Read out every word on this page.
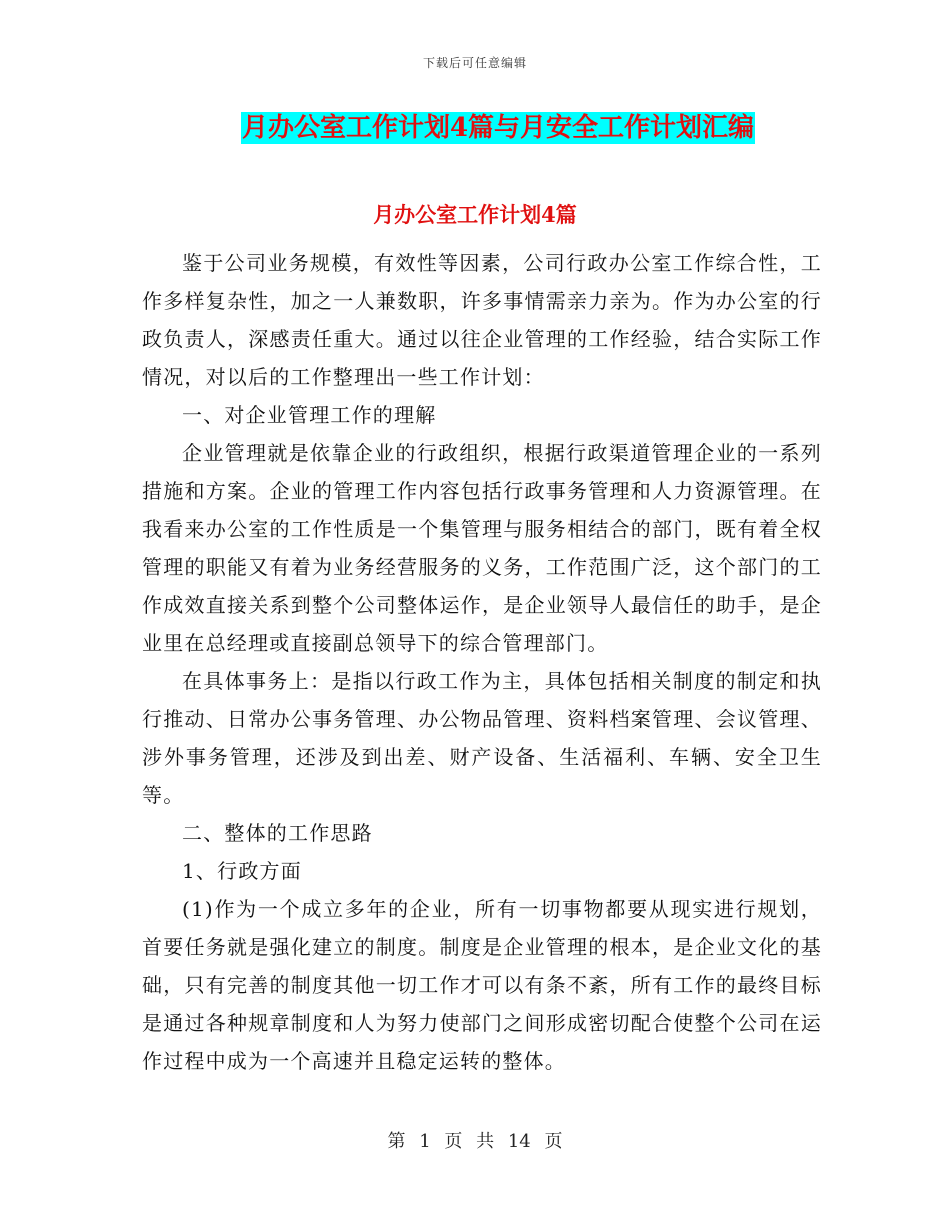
下载后可任意编辑
月办公室工作计划4篇与月安全工作计划汇编
月办公室工作计划4篇

鉴于公司业务规模，有效性等因素，公司行政办公室工作综合性，工作多样复杂性，加之一人兼数职，许多事情需亲力亲为。作为办公室的行政负责人，深感责任重大。通过以往企业管理的工作经验，结合实际工作情况，对以后的工作整理出一些工作计划：

一、对企业管理工作的理解

企业管理就是依靠企业的行政组织，根据行政渠道管理企业的一系列措施和方案。企业的管理工作内容包括行政事务管理和人力资源管理。在我看来办公室的工作性质是一个集管理与服务相结合的部门，既有着全权管理的职能又有着为业务经营服务的义务，工作范围广泛，这个部门的工作成效直接关系到整个公司整体运作，是企业领导人最信任的助手，是企业里在总经理或直接副总领导下的综合管理部门。

在具体事务上：是指以行政工作为主，具体包括相关制度的制定和执行推动、日常办公事务管理、办公物品管理、资料档案管理、会议管理、涉外事务管理，还涉及到出差、财产设备、生活福利、车辆、安全卫生等。

二、整体的工作思路

1、行政方面

(1)作为一个成立多年的企业，所有一切事物都要从现实进行规划，首要任务就是强化建立的制度。制度是企业管理的根本，是企业文化的基础，只有完善的制度其他一切工作才可以有条不紊，所有工作的最终目标是通过各种规章制度和人为努力使部门之间形成密切配合使整个公司在运作过程中成为一个高速并且稳定运转的整体。

第 1 页 共 14 页
